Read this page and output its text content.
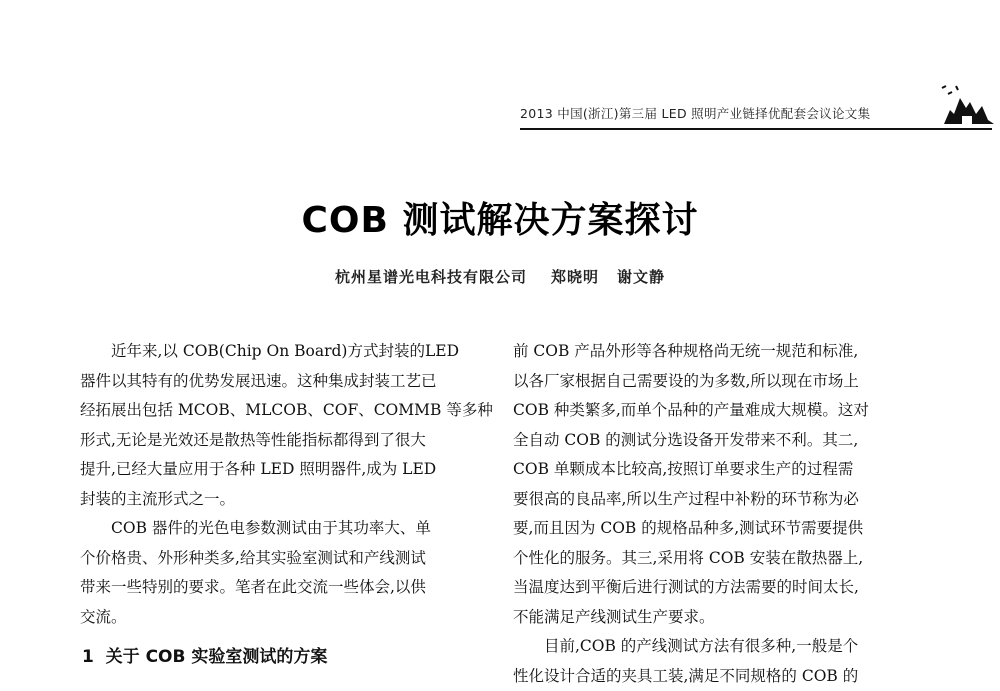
2013 中国(浙江)第三届 LED 照明产业链择优配套会议论文集
COB 测试解决方案探讨
杭州星谱光电科技有限公司 郑晓明 谢文静

近年来,以 COB(Chip On Board)方式封装的LED
器件以其特有的优势发展迅速。这种集成封装工艺已
经拓展出包括 MCOB、MLCOB、COF、COMMB 等多种
形式,无论是光效还是散热等性能指标都得到了很大
提升,已经大量应用于各种 LED 照明器件,成为 LED
封装的主流形式之一。

COB 器件的光色电参数测试由于其功率大、单
个价格贵、外形种类多,给其实验室测试和产线测试
带来一些特别的要求。笔者在此交流一些体会,以供
交流。

1  关于 COB 实验室测试的方案

前 COB 产品外形等各种规格尚无统一规范和标准,
以各厂家根据自己需要设的为多数,所以现在市场上
COB 种类繁多,而单个品种的产量难成大规模。这对
全自动 COB 的测试分选设备开发带来不利。其二,
COB 单颗成本比较高,按照订单要求生产的过程需
要很高的良品率,所以生产过程中补粉的环节称为必
要,而且因为 COB 的规格品种多,测试环节需要提供
个性化的服务。其三,采用将 COB 安装在散热器上,
当温度达到平衡后进行测试的方法需要的时间太长,
不能满足产线测试生产要求。

目前,COB 的产线测试方法有很多种,一般是个
性化设计合适的夹具工装,满足不同规格的 COB 的
